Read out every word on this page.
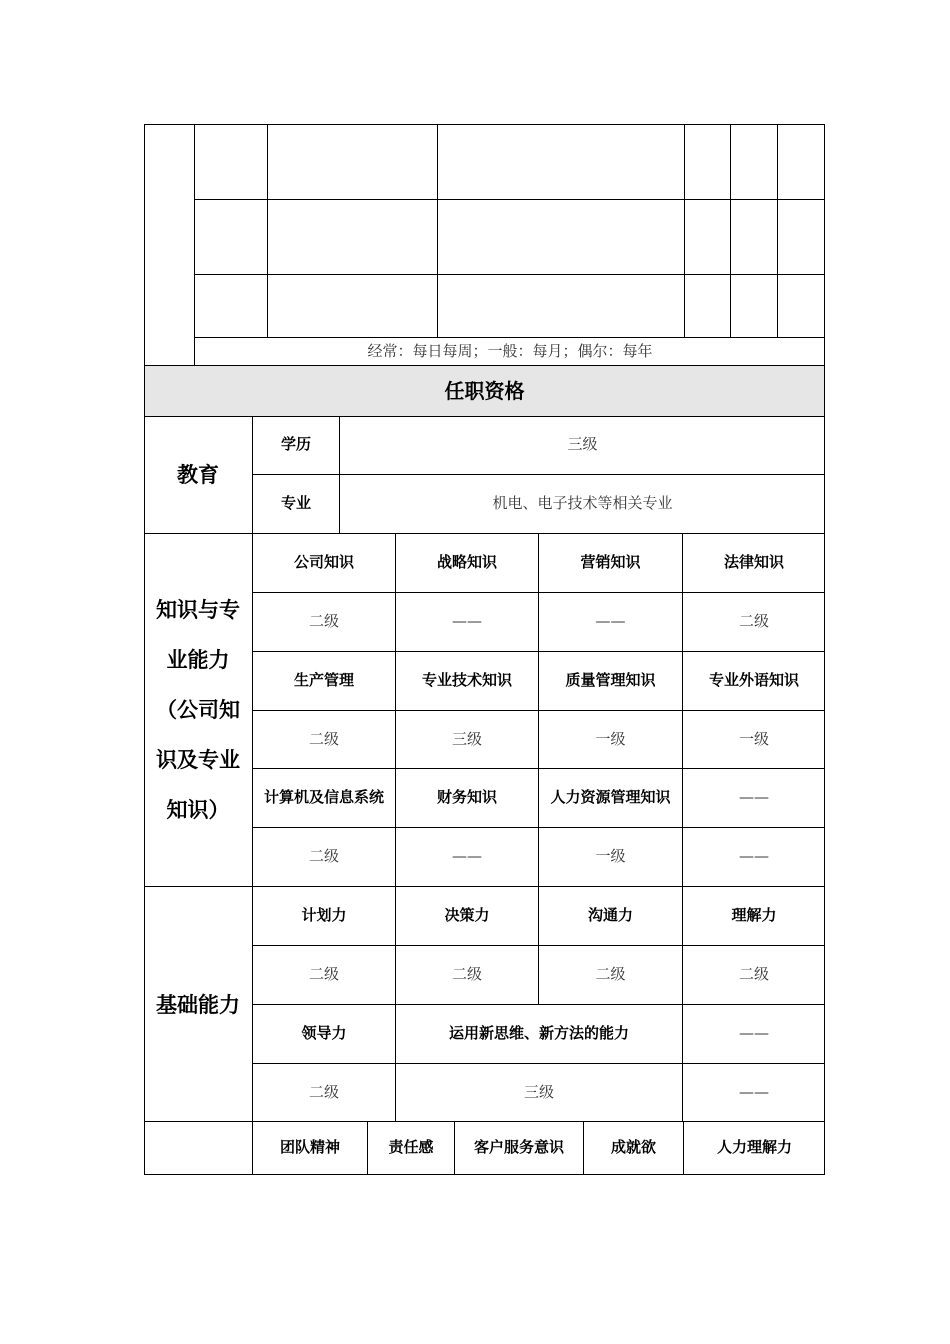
经常：每日每周；一般：每月；偶尔：每年
任职资格
教育
学历	三级
专业	机电、电子技术等相关专业
知识与专业能力（公司知识及专业知识）
公司知识	战略知识	营销知识	法律知识
二级	——	——	二级
生产管理	专业技术知识	质量管理知识	专业外语知识
二级	三级	一级	一级
计算机及信息系统	财务知识	人力资源管理知识	——
二级	——	一级	——
基础能力
计划力	决策力	沟通力	理解力
二级	二级	二级	二级
领导力	运用新思维、新方法的能力	——
二级	三级	——
团队精神	责任感	客户服务意识	成就欲	人力理解力
